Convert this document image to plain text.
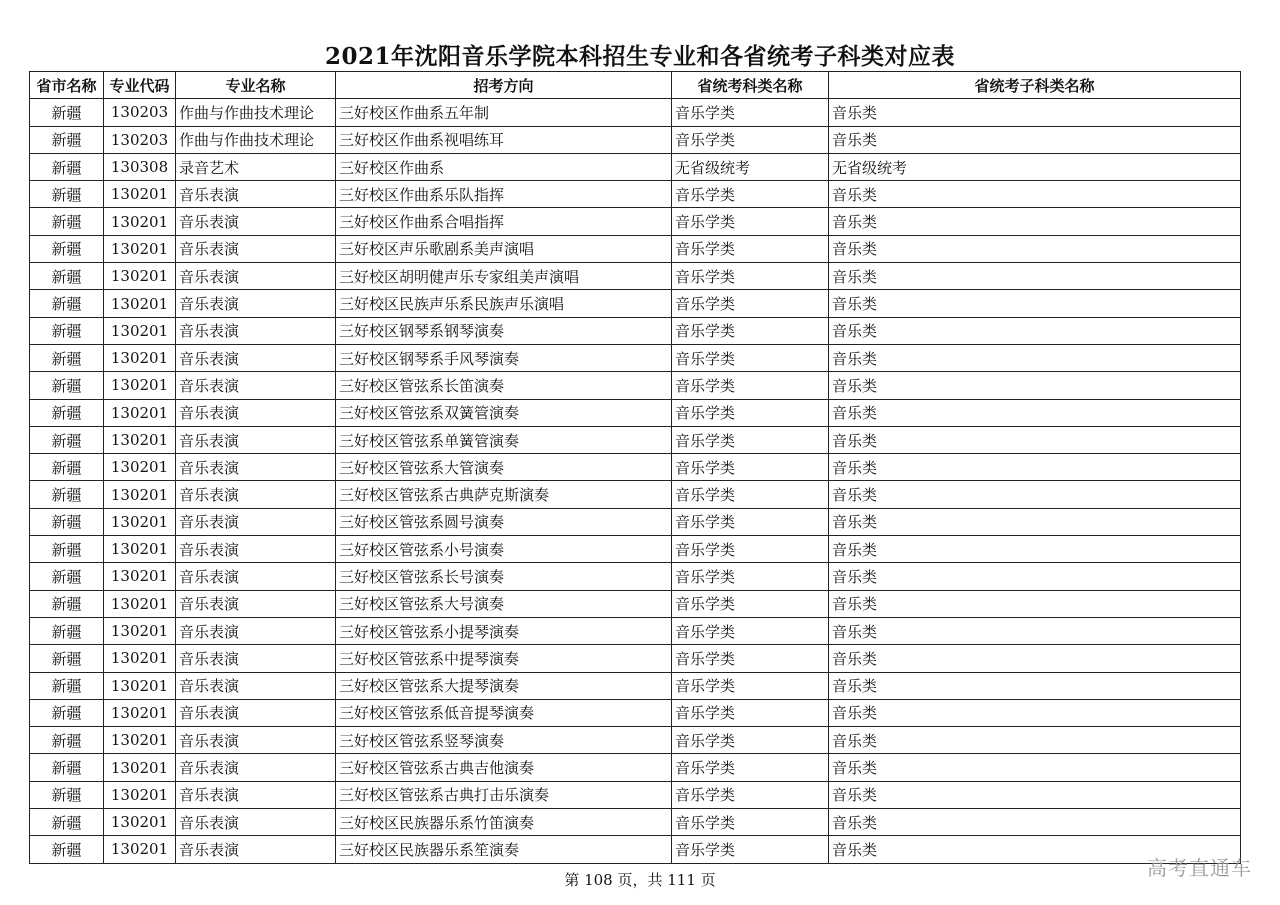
2021年沈阳音乐学院本科招生专业和各省统考子科类对应表
省市名称	专业代码	专业名称	招考方向	省统考科类名称	省统考子科类名称
新疆	130203	作曲与作曲技术理论	三好校区作曲系五年制	音乐学类	音乐类
新疆	130203	作曲与作曲技术理论	三好校区作曲系视唱练耳	音乐学类	音乐类
新疆	130308	录音艺术	三好校区作曲系	无省级统考	无省级统考
新疆	130201	音乐表演	三好校区作曲系乐队指挥	音乐学类	音乐类
新疆	130201	音乐表演	三好校区作曲系合唱指挥	音乐学类	音乐类
新疆	130201	音乐表演	三好校区声乐歌剧系美声演唱	音乐学类	音乐类
新疆	130201	音乐表演	三好校区胡明健声乐专家组美声演唱	音乐学类	音乐类
新疆	130201	音乐表演	三好校区民族声乐系民族声乐演唱	音乐学类	音乐类
新疆	130201	音乐表演	三好校区钢琴系钢琴演奏	音乐学类	音乐类
新疆	130201	音乐表演	三好校区钢琴系手风琴演奏	音乐学类	音乐类
新疆	130201	音乐表演	三好校区管弦系长笛演奏	音乐学类	音乐类
新疆	130201	音乐表演	三好校区管弦系双簧管演奏	音乐学类	音乐类
新疆	130201	音乐表演	三好校区管弦系单簧管演奏	音乐学类	音乐类
新疆	130201	音乐表演	三好校区管弦系大管演奏	音乐学类	音乐类
新疆	130201	音乐表演	三好校区管弦系古典萨克斯演奏	音乐学类	音乐类
新疆	130201	音乐表演	三好校区管弦系圆号演奏	音乐学类	音乐类
新疆	130201	音乐表演	三好校区管弦系小号演奏	音乐学类	音乐类
新疆	130201	音乐表演	三好校区管弦系长号演奏	音乐学类	音乐类
新疆	130201	音乐表演	三好校区管弦系大号演奏	音乐学类	音乐类
新疆	130201	音乐表演	三好校区管弦系小提琴演奏	音乐学类	音乐类
新疆	130201	音乐表演	三好校区管弦系中提琴演奏	音乐学类	音乐类
新疆	130201	音乐表演	三好校区管弦系大提琴演奏	音乐学类	音乐类
新疆	130201	音乐表演	三好校区管弦系低音提琴演奏	音乐学类	音乐类
新疆	130201	音乐表演	三好校区管弦系竖琴演奏	音乐学类	音乐类
新疆	130201	音乐表演	三好校区管弦系古典吉他演奏	音乐学类	音乐类
新疆	130201	音乐表演	三好校区管弦系古典打击乐演奏	音乐学类	音乐类
新疆	130201	音乐表演	三好校区民族器乐系竹笛演奏	音乐学类	音乐类
新疆	130201	音乐表演	三好校区民族器乐系笙演奏	音乐学类	音乐类
第 108 页，共 111 页	高考直通车
